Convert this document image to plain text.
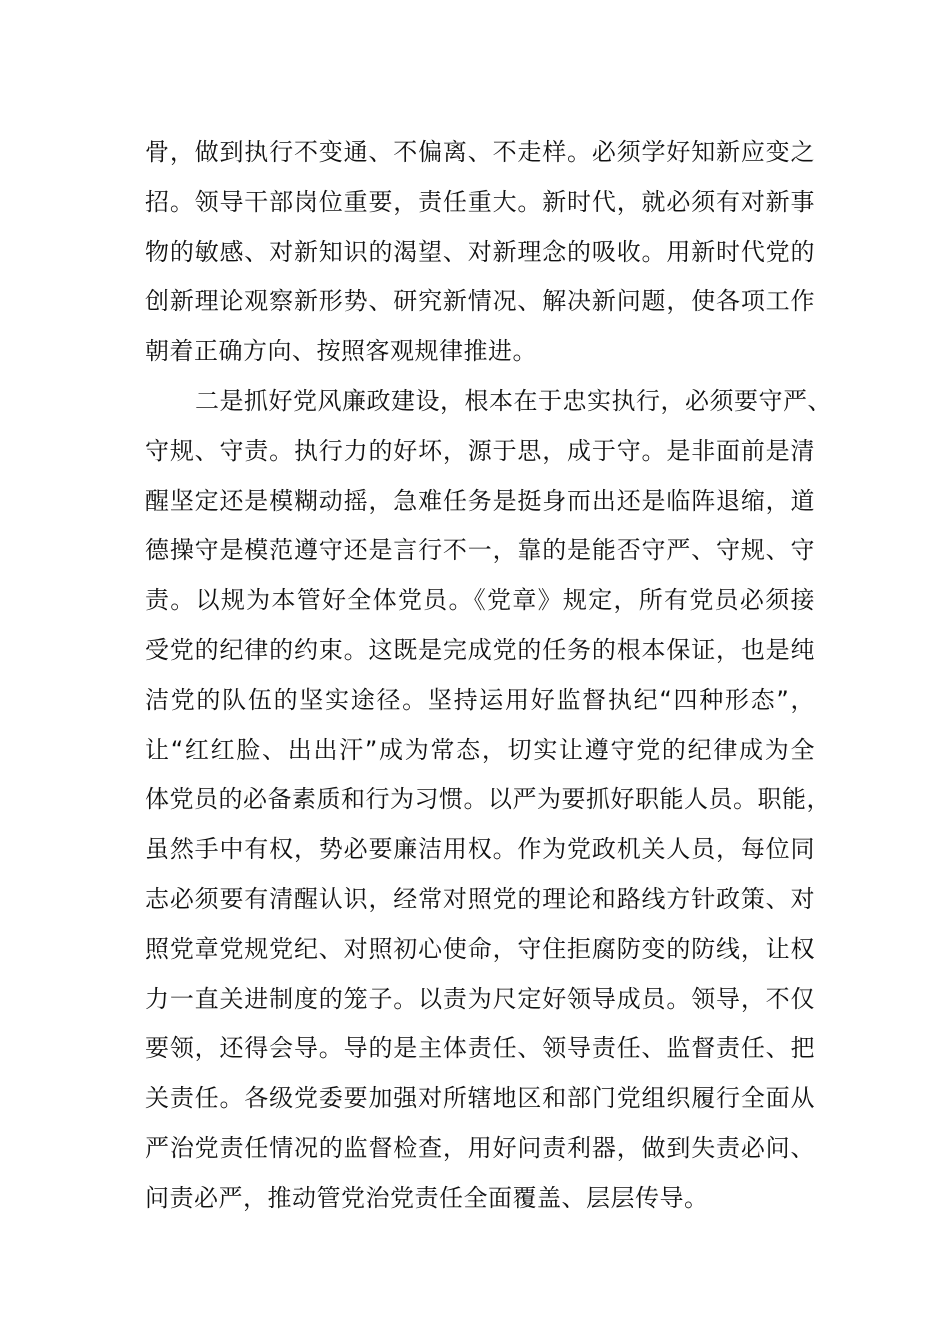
骨，做到执行不变通、不偏离、不走样。必须学好知新应变之
招。领导干部岗位重要，责任重大。新时代，就必须有对新事
物的敏感、对新知识的渴望、对新理念的吸收。用新时代党的
创新理论观察新形势、研究新情况、解决新问题，使各项工作
朝着正确方向、按照客观规律推进。
二是抓好党风廉政建设，根本在于忠实执行，必须要守严、
守规、守责。执行力的好坏，源于思，成于守。是非面前是清
醒坚定还是模糊动摇，急难任务是挺身而出还是临阵退缩，道
德操守是模范遵守还是言行不一，靠的是能否守严、守规、守
责。以规为本管好全体党员。《党章》规定，所有党员必须接
受党的纪律的约束。这既是完成党的任务的根本保证，也是纯
洁党的队伍的坚实途径。坚持运用好监督执纪“四种形态”，
让“红红脸、出出汗”成为常态，切实让遵守党的纪律成为全
体党员的必备素质和行为习惯。以严为要抓好职能人员。职能，
虽然手中有权，势必要廉洁用权。作为党政机关人员，每位同
志必须要有清醒认识，经常对照党的理论和路线方针政策、对
照党章党规党纪、对照初心使命，守住拒腐防变的防线，让权
力一直关进制度的笼子。以责为尺定好领导成员。领导，不仅
要领，还得会导。导的是主体责任、领导责任、监督责任、把
关责任。各级党委要加强对所辖地区和部门党组织履行全面从
严治党责任情况的监督检查，用好问责利器，做到失责必问、
问责必严，推动管党治党责任全面覆盖、层层传导。
